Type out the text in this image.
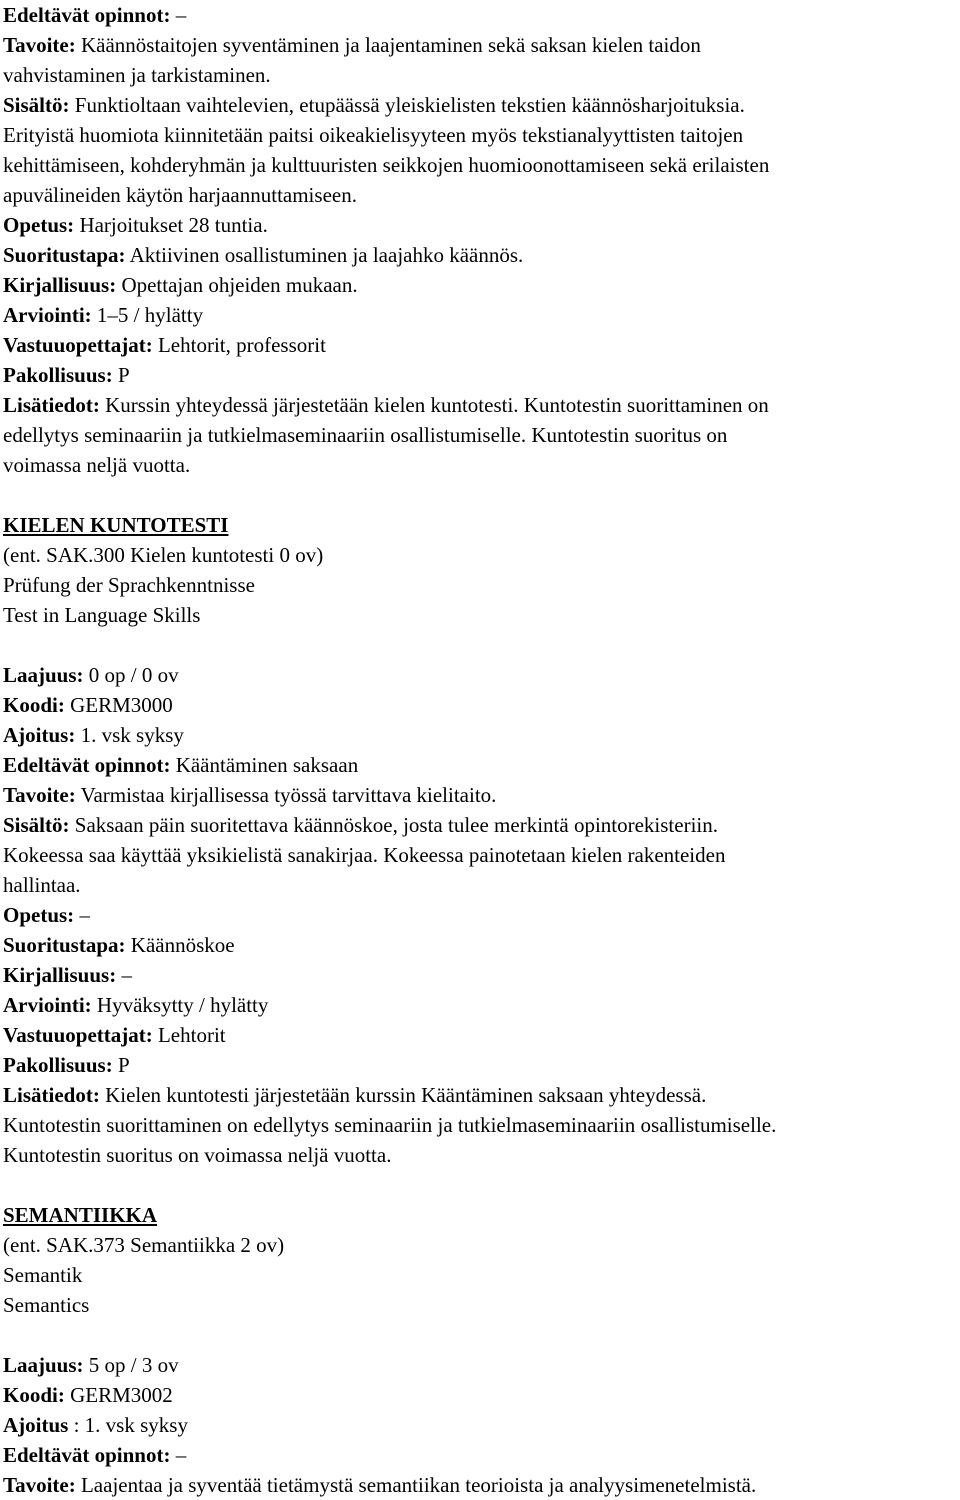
Edeltävät opinnot: –
Tavoite: Käännöstaitojen syventäminen ja laajentaminen sekä saksan kielen taidon
vahvistaminen ja tarkistaminen.
Sisältö: Funktioltaan vaihtelevien, etupäässä yleiskielisten tekstien käännösharjoituksia.
Erityistä huomiota kiinnitetään paitsi oikeakielisyyteen myös tekstianalyyttisten taitojen
kehittämiseen, kohderyhmän ja kulttuuristen seikkojen huomioonottamiseen sekä erilaisten
apuvälineiden käytön harjaannuttamiseen.
Opetus: Harjoitukset 28 tuntia.
Suoritustapa: Aktiivinen osallistuminen ja laajahko käännös.
Kirjallisuus: Opettajan ohjeiden mukaan.
Arviointi: 1–5 / hylätty
Vastuuopettajat: Lehtorit, professorit
Pakollisuus: P
Lisätiedot: Kurssin yhteydessä järjestetään kielen kuntotesti. Kuntotestin suorittaminen on
edellytys seminaariin ja tutkielmaseminaariin osallistumiselle. Kuntotestin suoritus on
voimassa neljä vuotta.
KIELEN KUNTOTESTI
(ent. SAK.300 Kielen kuntotesti 0 ov)
Prüfung der Sprachkenntnisse
Test in Language Skills
Laajuus: 0 op / 0 ov
Koodi: GERM3000
Ajoitus: 1. vsk syksy
Edeltävät opinnot: Kääntäminen saksaan
Tavoite: Varmistaa kirjallisessa työssä tarvittava kielitaito.
Sisältö: Saksaan päin suoritettava käännöskoe, josta tulee merkintä opintorekisteriin.
Kokeessa saa käyttää yksikielistä sanakirjaa. Kokeessa painotetaan kielen rakenteiden
hallintaa.
Opetus: –
Suoritustapa: Käännöskoe
Kirjallisuus: –
Arviointi: Hyväksytty / hylätty
Vastuuopettajat: Lehtorit
Pakollisuus: P
Lisätiedot: Kielen kuntotesti järjestetään kurssin Kääntäminen saksaan yhteydessä.
Kuntotestin suorittaminen on edellytys seminaariin ja tutkielmaseminaariin osallistumiselle.
Kuntotestin suoritus on voimassa neljä vuotta.
SEMANTIIKKA
(ent. SAK.373 Semantiikka 2 ov)
Semantik
Semantics
Laajuus: 5 op / 3 ov
Koodi: GERM3002
Ajoitus : 1. vsk syksy
Edeltävät opinnot: –
Tavoite: Laajentaa ja syventää tietämystä semantiikan teorioista ja analyysimenetelmistä.
